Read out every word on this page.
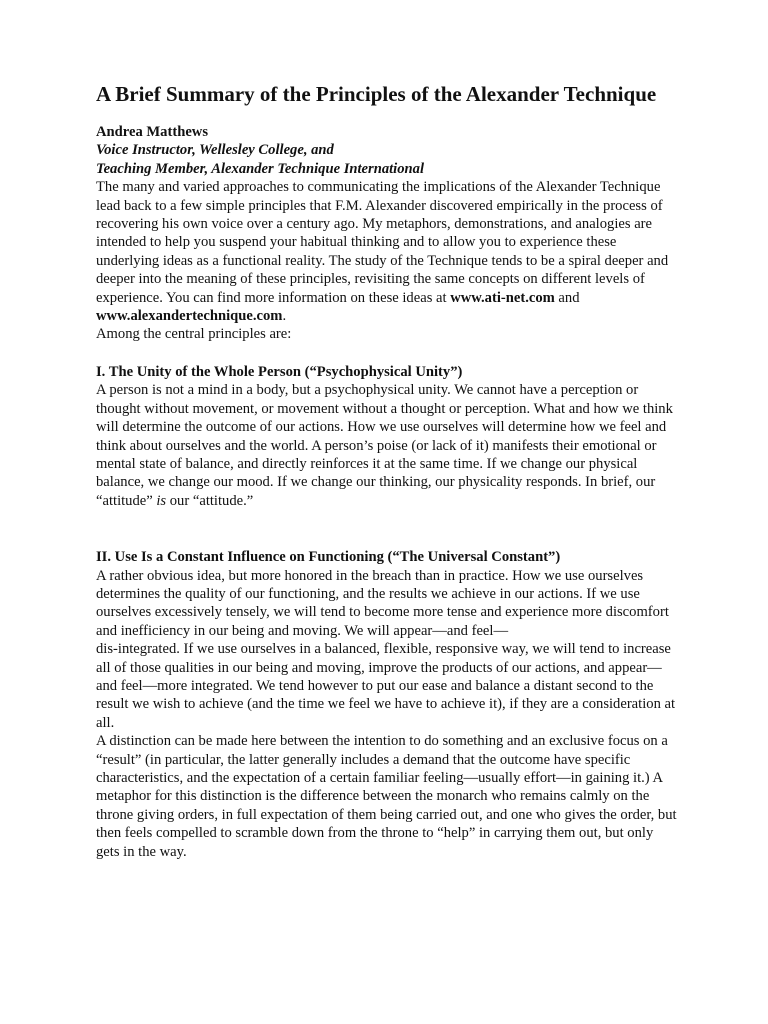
A Brief Summary of the Principles of the Alexander Technique
Andrea Matthews
Voice Instructor, Wellesley College, and
Teaching Member, Alexander Technique International

The many and varied approaches to communicating the implications of the Alexander Technique lead back to a few simple principles that F.M. Alexander discovered empirically in the process of recovering his own voice over a century ago. My metaphors, demonstrations, and analogies are intended to help you suspend your habitual thinking and to allow you to experience these underlying ideas as a functional reality. The study of the Technique tends to be a spiral deeper and deeper into the meaning of these principles, revisiting the same concepts on different levels of experience. You can find more information on these ideas at www.ati-net.com and www.alexandertechnique.com.

Among the central principles are:

I. The Unity of the Whole Person (“Psychophysical Unity”)

A person is not a mind in a body, but a psychophysical unity. We cannot have a perception or thought without movement, or movement without a thought or perception. What and how we think will determine the outcome of our actions. How we use ourselves will determine how we feel and think about ourselves and the world. A person’s poise (or lack of it) manifests their emotional or mental state of balance, and directly reinforces it at the same time. If we change our physical balance, we change our mood. If we change our thinking, our physicality responds. In brief, our “attitude” is our “attitude.”

II. Use Is a Constant Influence on Functioning (“The Universal Constant”)

A rather obvious idea, but more honored in the breach than in practice. How we use ourselves determines the quality of our functioning, and the results we achieve in our actions. If we use ourselves excessively tensely, we will tend to become more tense and experience more discomfort and inefficiency in our being and moving. We will appear—and feel—
dis-integrated. If we use ourselves in a balanced, flexible, responsive way, we will tend to increase all of those qualities in our being and moving, improve the products of our actions, and appear—and feel—more integrated. We tend however to put our ease and balance a distant second to the result we wish to achieve (and the time we feel we have to achieve it), if they are a consideration at all.

A distinction can be made here between the intention to do something and an exclusive focus on a “result” (in particular, the latter generally includes a demand that the outcome have specific characteristics, and the expectation of a certain familiar feeling—usually effort—in gaining it.) A metaphor for this distinction is the difference between the monarch who remains calmly on the throne giving orders, in full expectation of them being carried out, and one who gives the order, but then feels compelled to scramble down from the throne to “help” in carrying them out, but only gets in the way.
